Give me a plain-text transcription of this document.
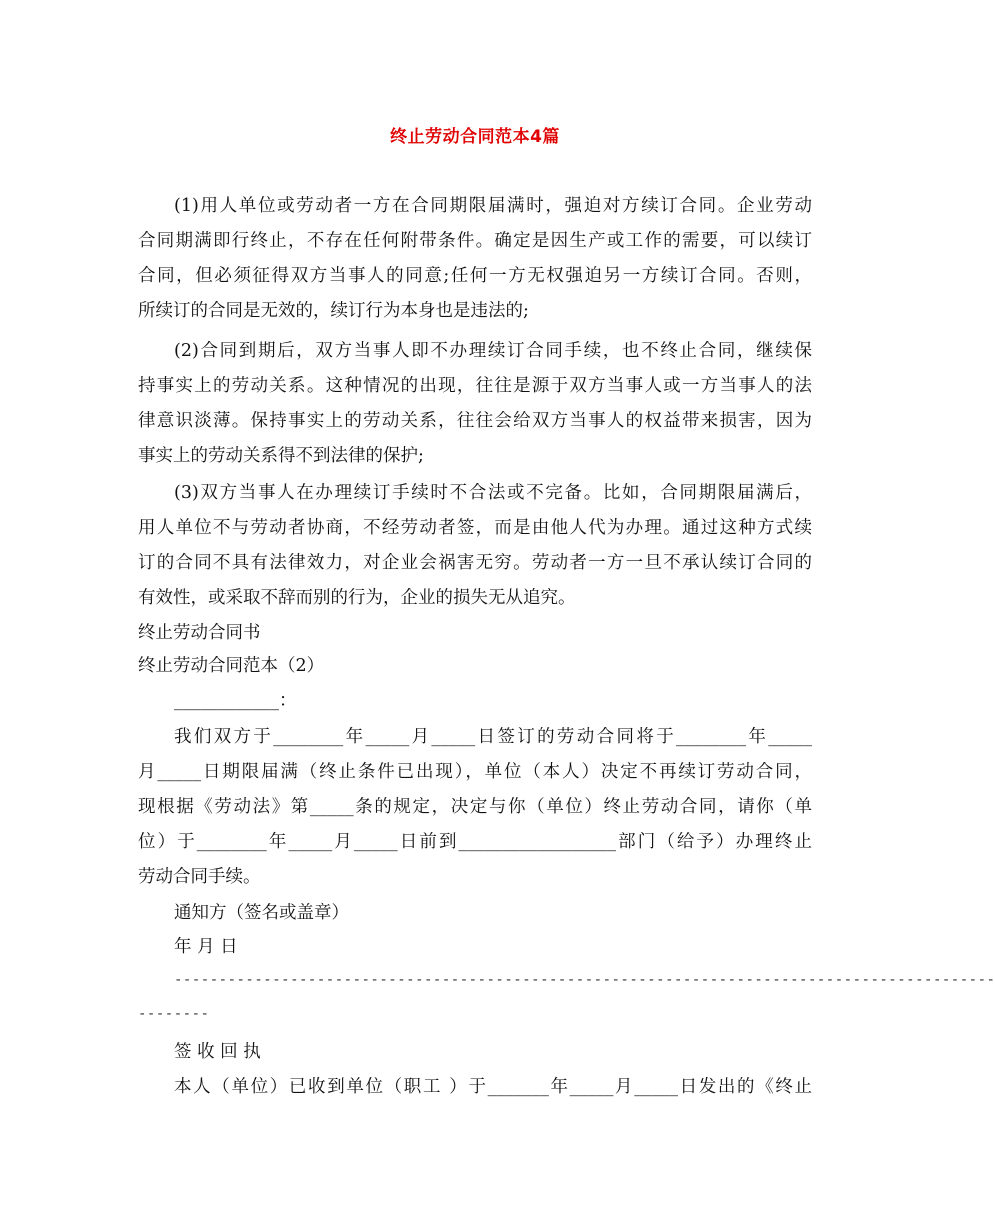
终止劳动合同范本4篇
(1)用人单位或劳动者一方在合同期限届满时，强迫对方续订合同。企业劳动
合同期满即行终止，不存在任何附带条件。确定是因生产或工作的需要，可以续订
合同，但必须征得双方当事人的同意;任何一方无权强迫另一方续订合同。否则，
所续订的合同是无效的，续订行为本身也是违法的;
(2)合同到期后，双方当事人即不办理续订合同手续，也不终止合同，继续保
持事实上的劳动关系。这种情况的出现，往往是源于双方当事人或一方当事人的法
律意识淡薄。保持事实上的劳动关系，往往会给双方当事人的权益带来损害，因为
事实上的劳动关系得不到法律的保护;
(3)双方当事人在办理续订手续时不合法或不完备。比如，合同期限届满后，
用人单位不与劳动者协商，不经劳动者签，而是由他人代为办理。通过这种方式续
订的合同不具有法律效力，对企业会祸害无穷。劳动者一方一旦不承认续订合同的
有效性，或采取不辞而别的行为，企业的损失无从追究。
终止劳动合同书
终止劳动合同范本（2）
____________：
我们双方于________年_____月_____日签订的劳动合同将于________年_____
月_____日期限届满（终止条件已出现），单位（本人）决定不再续订劳动合同，
现根据《劳动法》第_____条的规定，决定与你（单位）终止劳动合同，请你（单
位）于________年_____月_____日前到__________________部门（给予）办理终止
劳动合同手续。
通知方（签名或盖章）
年 月 日
--------------------------------------------------------------------------------------------
--------
签 收 回 执
本人（单位）已收到单位（职工 ）于_______年_____月_____日发出的《终止
